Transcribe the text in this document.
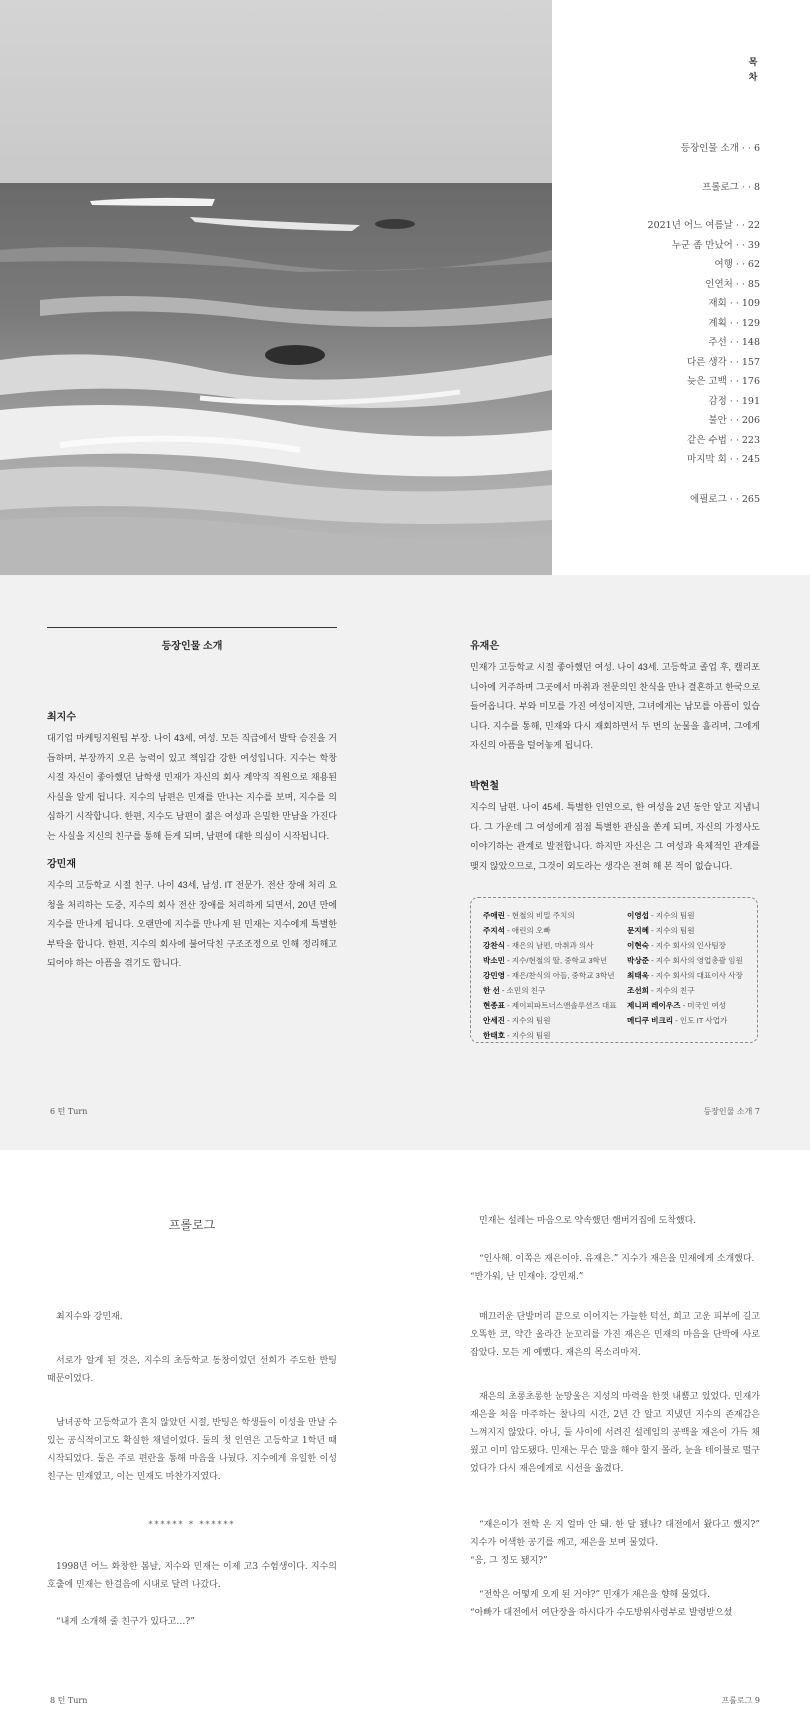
목
차
등장인물 소개 · · 6
프롤로그 · · 8
2021년 어느 여름날 · · 22
누군 좀 만났어 · · 39
여행 · · 62
인연처 · · 85
재회 · · 109
계획 · · 129
주선 · · 148
다른 생각 · · 157
늦은 고백 · · 176
감정 · · 191
불안 · · 206
같은 수법 · · 223
마지막 회 · · 245
에필로그 · · 265
등장인물 소개
최지수
대기업 마케팅지원팀 부장. 나이 43세, 여성. 모든 직급에서 발탁 승진을 거듭하며, 부장까지 오른 능력이 있고 책임감 강한 여성입니다. 지수는 학창 시절 자신이 좋아했던 남학생 민재가 자신의 회사 계약직 직원으로 채용된 사실을 알게 됩니다. 지수의 남편은 민재를 만나는 지수를 보며, 지수를 의심하기 시작합니다. 한편, 지수도 남편이 젊은 여성과 은밀한 만남을 가진다는 사실을 지신의 친구를 통해 듣게 되며, 남편에 대한 의심이 시작됩니다.
강민재
지수의 고등학교 시절 친구. 나이 43세, 남성. IT 전문가. 전산 장애 처리 요청을 처리하는 도중, 지수의 회사 전산 장애를 처리하게 되면서, 20년 만에 지수를 만나게 됩니다. 오랜만에 지수를 만나게 된 민재는 지수에게 특별한 부탁을 합니다. 한편, 지수의 회사에 불어닥친 구조조정으로 인해 정리해고되어야 하는 아픔을 겪기도 합니다.
유재은
민재가 고등학교 시절 좋아했던 여성. 나이 43세. 고등학교 졸업 후, 캘리포니아에 거주하며 그곳에서 마취과 전문의인 찬식을 만나 결혼하고 한국으로 들어옵니다. 부와 미모를 가진 여성이지만, 그녀에게는 남모를 아픔이 있습니다. 지수를 통해, 민재와 다시 재회하면서 두 번의 눈물을 흘리며, 그에게 자신의 아픔을 털어놓게 됩니다.
박현철
지수의 남편. 나이 45세. 특별한 인연으로, 한 여성을 2년 동안 알고 지냅니다. 그 가운데 그 여성에게 점점 특별한 관심을 쏟게 되며, 자신의 가정사도 이야기하는 관계로 발전합니다. 하지만 자신은 그 여성과 육체적인 관계를 맺지 않았으므로, 그것이 외도라는 생각은 전혀 해 본 적이 없습니다.
주애린 - 현철의 비밀 주치의
주지석 - 애린의 오빠
강찬식 - 재은의 남편, 마취과 의사
박소민 - 지수/현철의 딸, 중학교 3학년
강민영 - 재은/찬식의 아들, 중학교 3학년
한 선 - 소민의 친구
현종표 - 제이피파트너스앤솔루션즈 대표
안세진 - 지수의 팀원
한태호 - 지수의 팀원
이영섭 - 지수의 팀원
문지혜 - 지수의 팀원
이현숙 - 지수 회사의 인사팀장
박상준 - 지수 회사의 영업총괄 임원
최태욱 - 지수 회사의 대표이사 사장
조선희 - 지수의 친구
제니퍼 레이우즈 - 미국인 여성
메디쿠 비크리 - 인도 IT 사업가
6 턴 Turn	등장인물 소개 7
프롤로그
최지수와 강민재.
서로가 알게 된 것은, 지수의 초등학교 동창이었던 선희가 주도한 반팅 때문이었다.
남녀공학 고등학교가 흔치 않았던 시절, 반팅은 학생들이 이성을 만날 수 있는 공식적이고도 확실한 채널이었다. 둘의 첫 인연은 고등학교 1학년 때 시작되었다. 둘은 주로 편란을 통해 마음을 나눴다. 지수에게 유일한 이성 친구는 민재였고, 이는 민재도 마찬가지였다.
****** * ******
1998년 어느 화창한 봄날, 지수와 민재는 이제 고3 수험생이다. 지수의 호출에 민재는 한걸음에 시내로 달려 나갔다.
“내게 소개해 줄 친구가 있다고…?”
민재는 설레는 마음으로 약속했던 햄버거집에 도착했다.
“인사해. 이쪽은 재은이야. 유재은.” 지수가 재은을 민재에게 소개했다.
“반가워, 난 민재야. 강민재.”
매끄러운 단발머리 끝으로 이어지는 가늘한 턱선, 희고 고운 피부에 길고 오똑한 코, 약간 올라간 눈꼬리를 가진 재은은 민재의 마음을 단박에 사로잡았다. 모든 게 예뻤다. 재은의 목소리마저.
재은의 초롱초롱한 눈망울은 지성의 마력을 한껏 내뿜고 있었다. 민재가 재은을 처음 마주하는 찰나의 시간, 2년 간 알고 지냈던 지수의 존재감은 느껴지지 않았다. 아니, 둘 사이에 서려진 설레임의 공백을 재은이 가득 채웠고 이미 압도됐다. 민재는 무슨 말을 해야 할지 몰라, 눈을 테이블로 떨구었다가 다시 재은에게로 시선을 옮겼다.
“재은이가 전학 온 지 얼마 안 돼. 한 달 됐나? 대전에서 왔다고 했지?” 지수가 어색한 공기를 깨고, 재은을 보며 물었다.
“응, 그 정도 됐지?”
“전학은 어떻게 오게 된 거야?” 민재가 재은을 향해 물었다.
“아빠가 대전에서 여단장을 하시다가 수도방위사령부로 발령받으셨
8 턴 Turn	프롤로그 9
